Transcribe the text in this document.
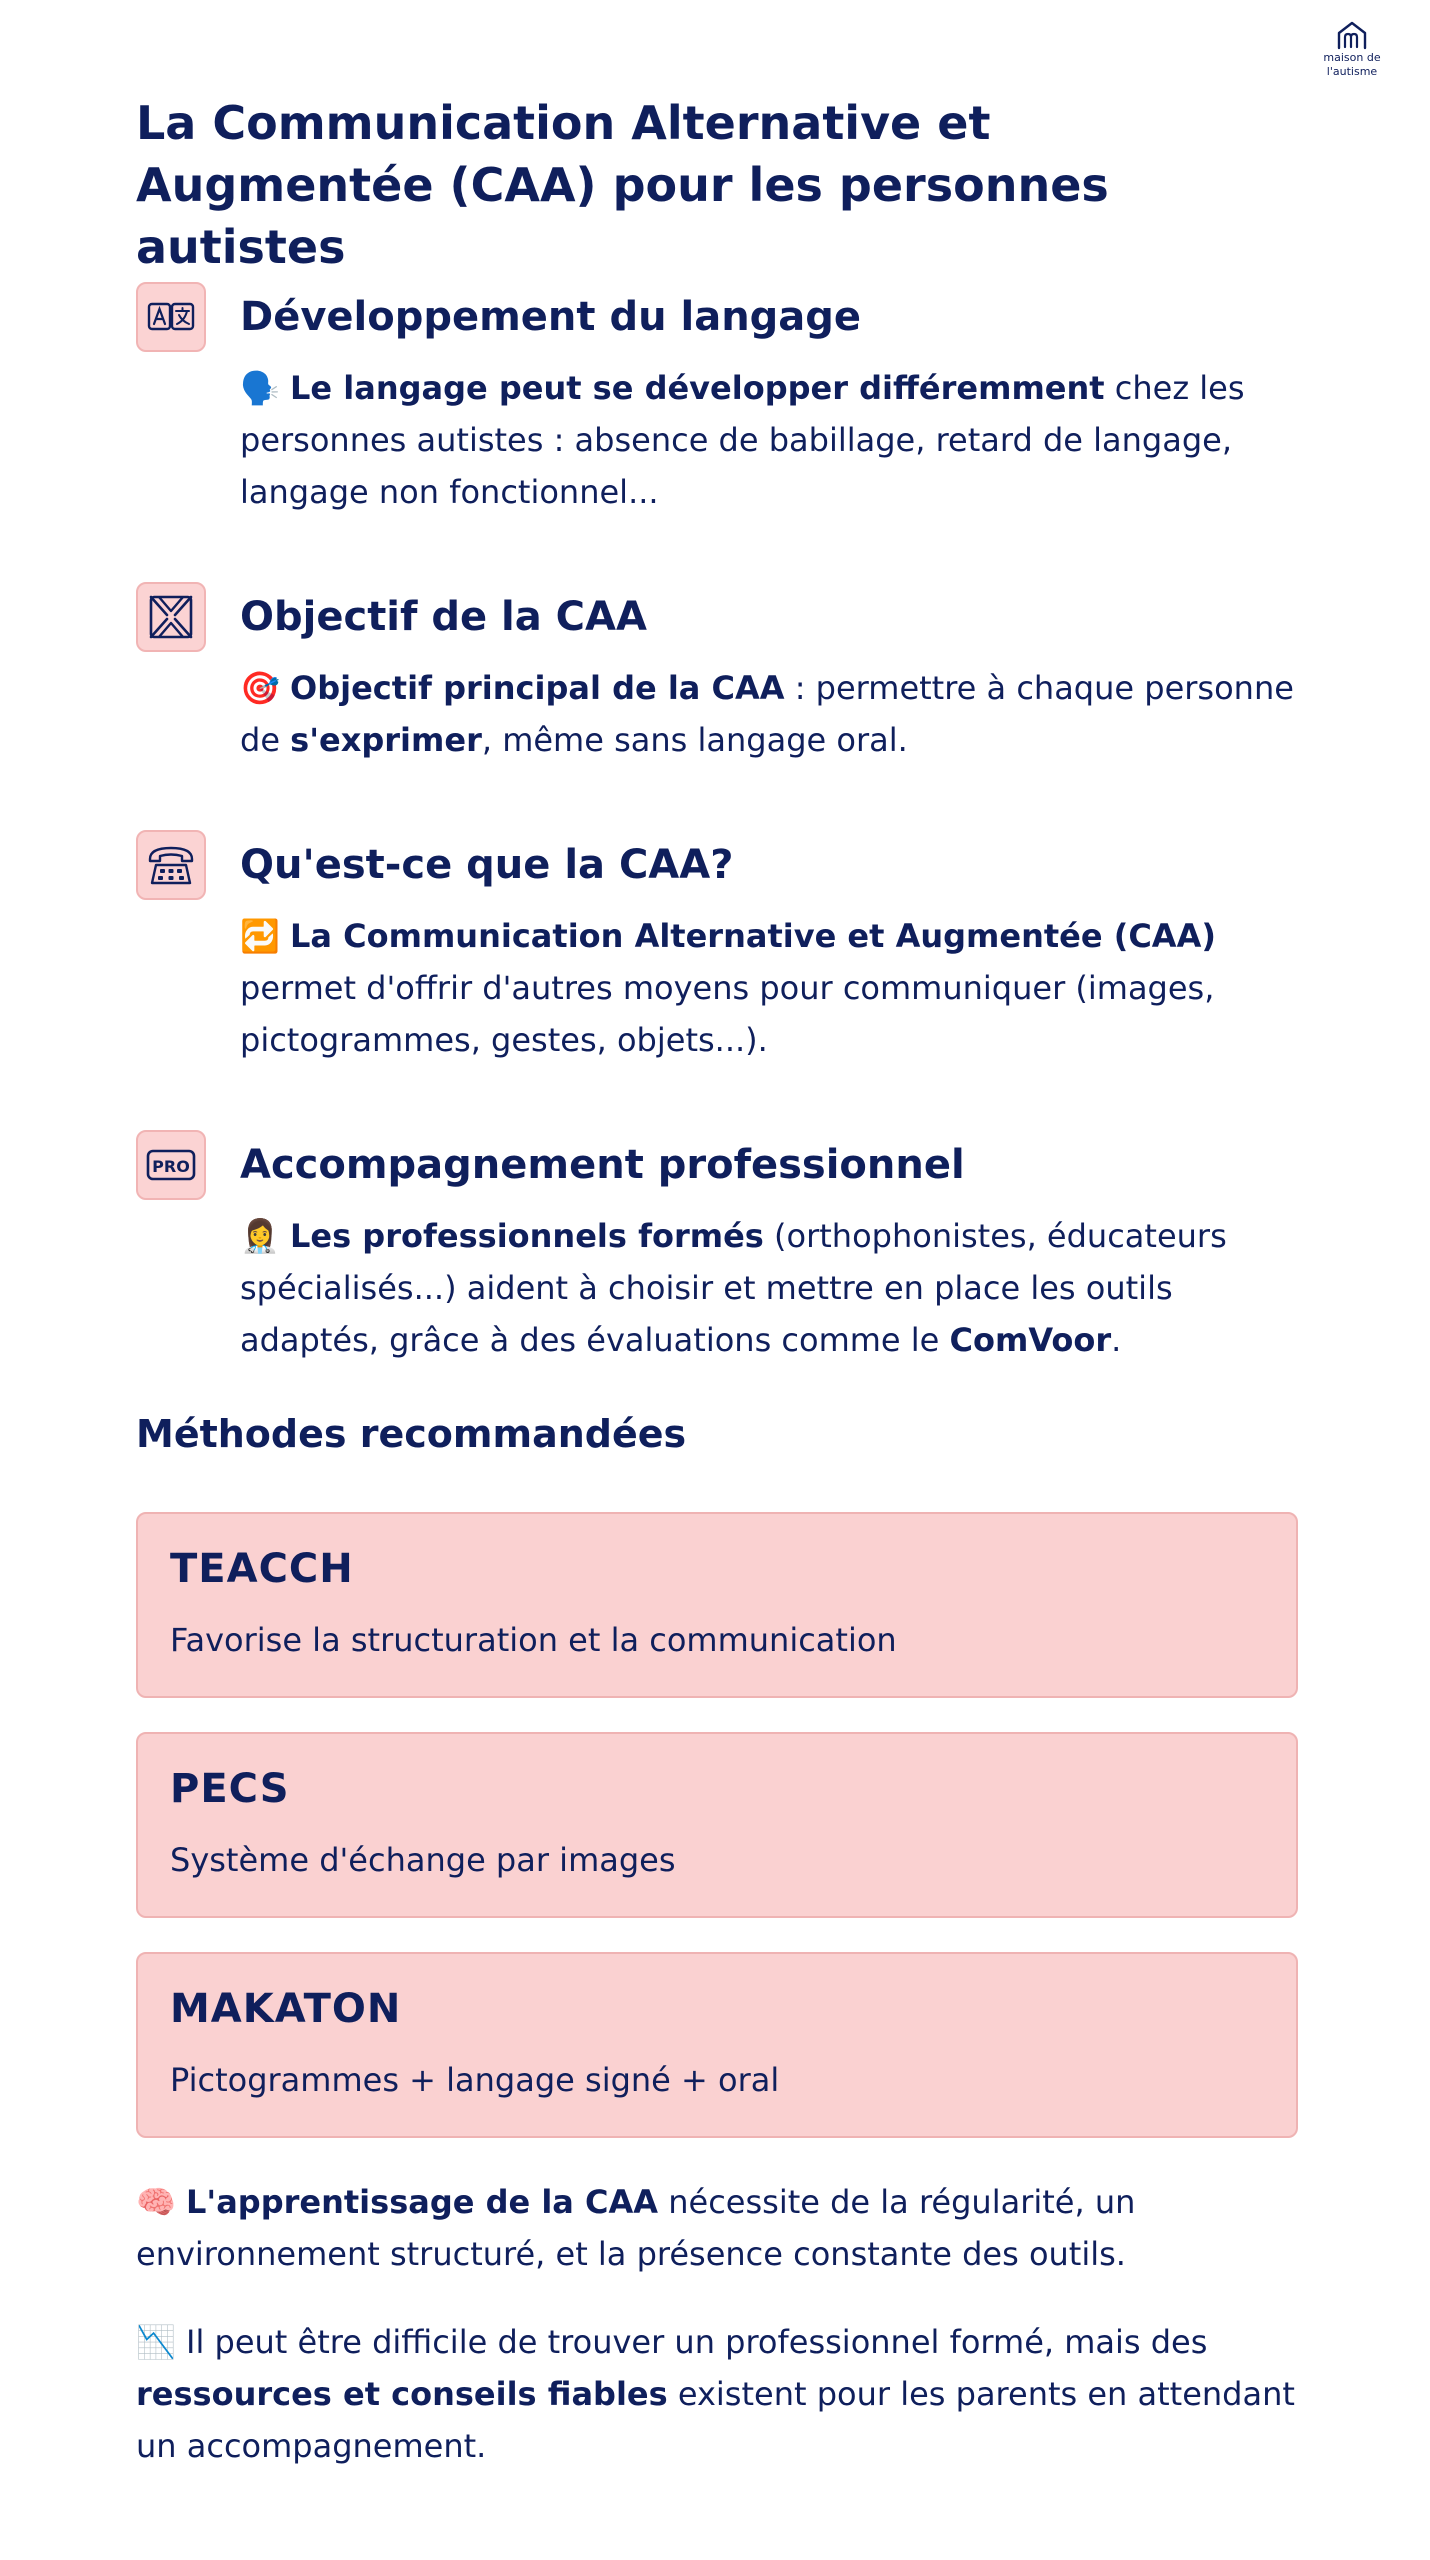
maison de
l'autisme
La Communication Alternative et Augmentée (CAA) pour les personnes autistes
Développement du langage

🗣️ Le langage peut se développer différemment chez les personnes autistes : absence de babillage, retard de langage, langage non fonctionnel...

Objectif de la CAA

🎯 Objectif principal de la CAA : permettre à chaque personne de s'exprimer, même sans langage oral.

Qu'est-ce que la CAA?

🔁 La Communication Alternative et Augmentée (CAA) permet d'offrir d'autres moyens pour communiquer (images, pictogrammes, gestes, objets...).

PRO Accompagnement professionnel

👩‍⚕️ Les professionnels formés (orthophonistes, éducateurs spécialisés...) aident à choisir et mettre en place les outils adaptés, grâce à des évaluations comme le ComVoor.

Méthodes recommandées
TEACCH

Favorise la structuration et la communication

PECS

Système d'échange par images

MAKATON

Pictogrammes + langage signé + oral

🧠 L'apprentissage de la CAA nécessite de la régularité, un environnement structuré, et la présence constante des outils.

📉 Il peut être difficile de trouver un professionnel formé, mais des ressources et conseils fiables existent pour les parents en attendant un accompagnement.
